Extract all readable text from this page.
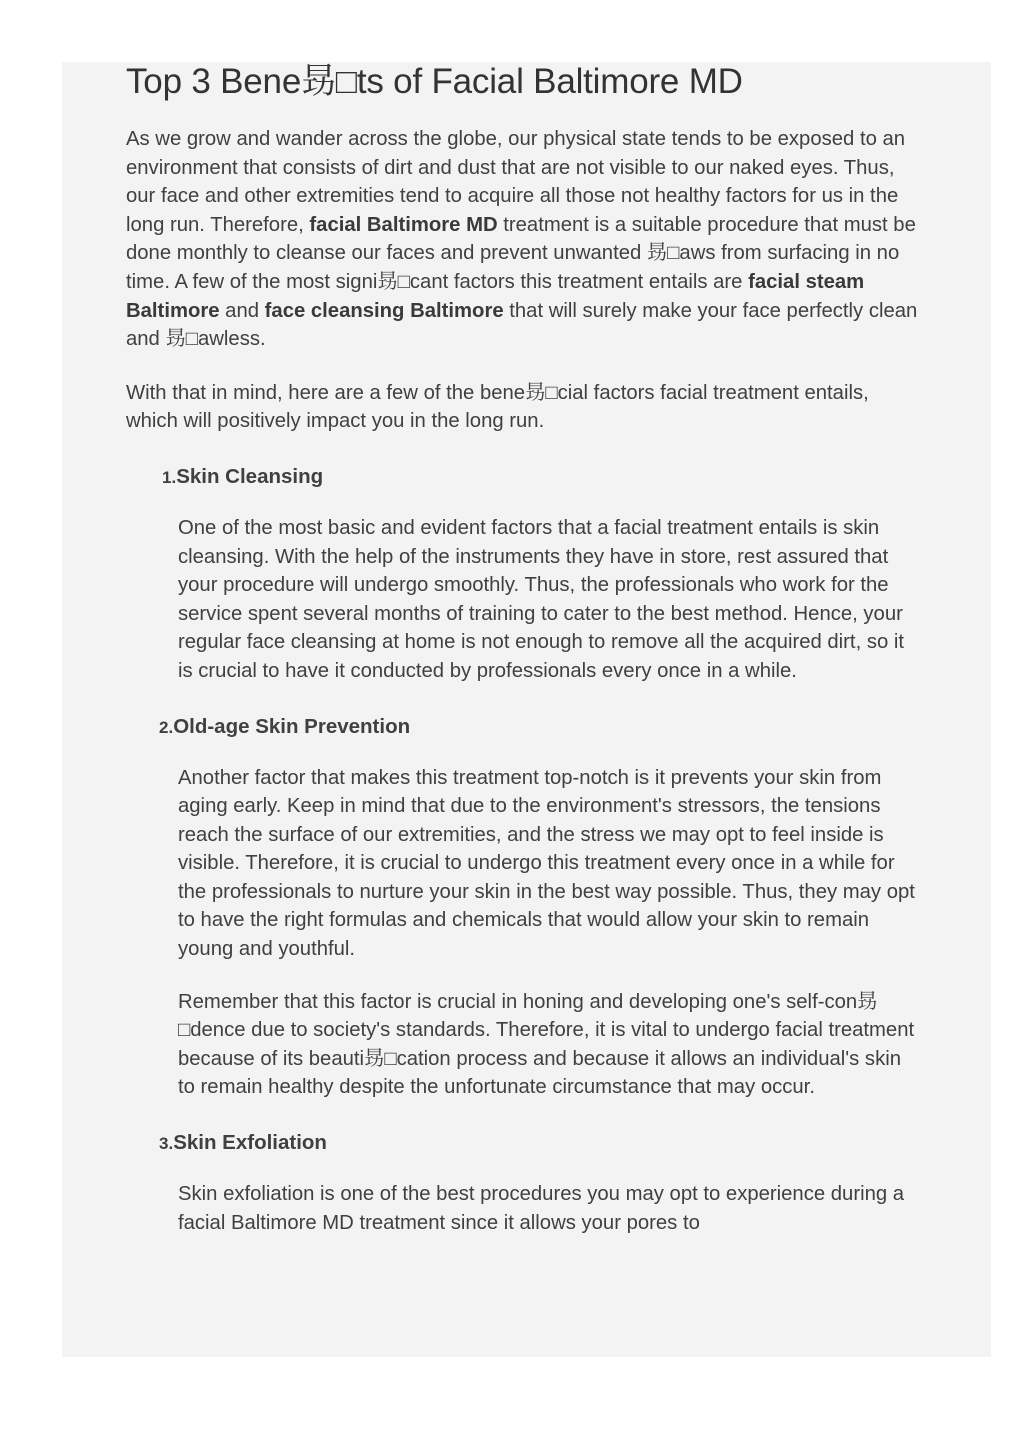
Top 3 Bene昮□ts of Facial Baltimore MD

As we grow and wander across the globe, our physical state tends to be exposed to an environment that consists of dirt and dust that are not visible to our naked eyes. Thus, our face and other extremities tend to acquire all those not healthy factors for us in the long run. Therefore, facial Baltimore MD treatment is a suitable procedure that must be done monthly to cleanse our faces and prevent unwanted 昮□aws from surfacing in no time. A few of the most signi昮□cant factors this treatment entails are facial steam Baltimore and face cleansing Baltimore that will surely make your face perfectly clean and 昮□awless.

With that in mind, here are a few of the bene昮□cial factors facial treatment entails, which will positively impact you in the long run.

1.Skin Cleansing

One of the most basic and evident factors that a facial treatment entails is skin cleansing. With the help of the instruments they have in store, rest assured that your procedure will undergo smoothly. Thus, the professionals who work for the service spent several months of training to cater to the best method. Hence, your regular face cleansing at home is not enough to remove all the acquired dirt, so it is crucial to have it conducted by professionals every once in a while.

2.Old-age Skin Prevention

Another factor that makes this treatment top-notch is it prevents your skin from aging early. Keep in mind that due to the environment's stressors, the tensions reach the surface of our extremities, and the stress we may opt to feel inside is visible. Therefore, it is crucial to undergo this treatment every once in a while for the professionals to nurture your skin in the best way possible. Thus, they may opt to have the right formulas and chemicals that would allow your skin to remain young and youthful.

Remember that this factor is crucial in honing and developing one's self-con昮□dence due to society's standards. Therefore, it is vital to undergo facial treatment because of its beauti昮□cation process and because it allows an individual's skin to remain healthy despite the unfortunate circumstance that may occur.

3.Skin Exfoliation

Skin exfoliation is one of the best procedures you may opt to experience during a facial Baltimore MD treatment since it allows your pores to
